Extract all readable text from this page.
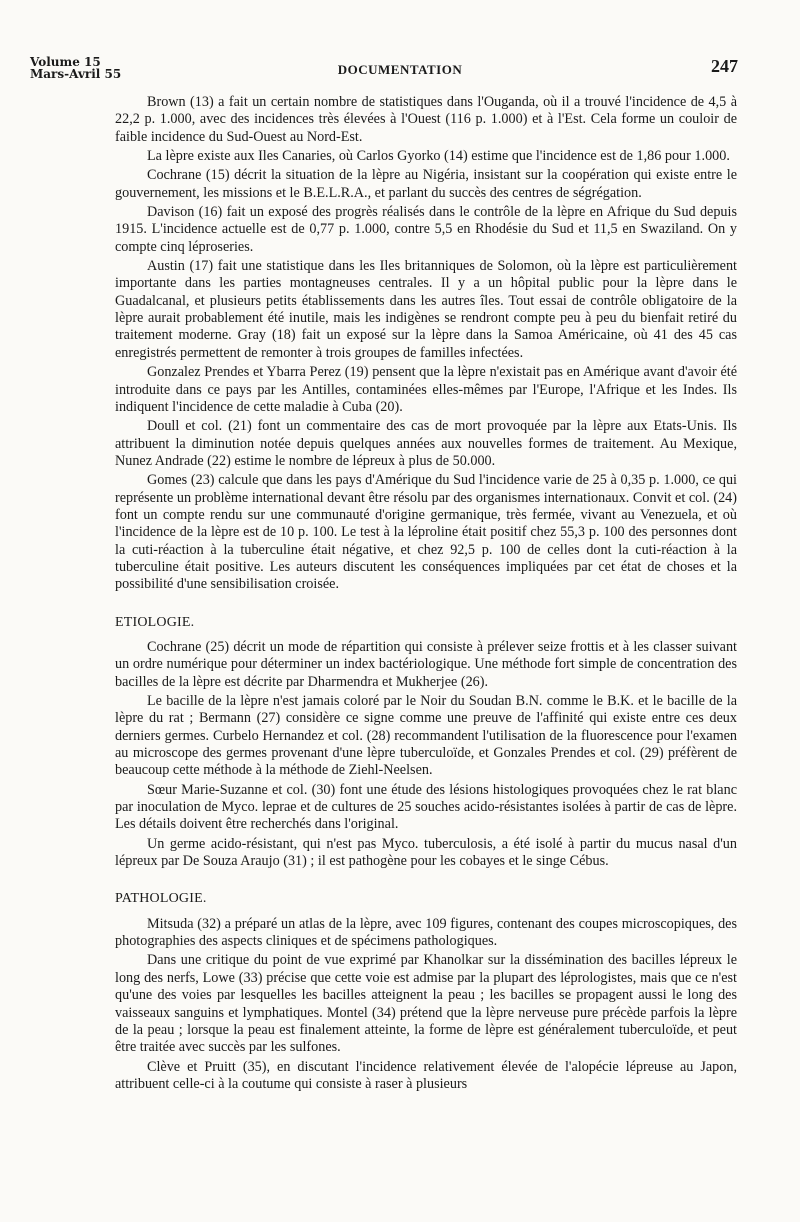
Volume 15
Mars-Avril 55	DOCUMENTATION	247

Brown (13) a fait un certain nombre de statistiques dans l'Ouganda, où il a trouvé l'incidence de 4,5 à 22,2 p. 1.000, avec des incidences très élevées à l'Ouest (116 p. 1.000) et à l'Est. Cela forme un couloir de faible incidence du Sud-Ouest au Nord-Est.

La lèpre existe aux Iles Canaries, où Carlos Gyorko (14) estime que l'incidence est de 1,86 pour 1.000.

Cochrane (15) décrit la situation de la lèpre au Nigéria, insistant sur la coopération qui existe entre le gouvernement, les missions et le B.E.L.R.A., et parlant du succès des centres de ségrégation.

Davison (16) fait un exposé des progrès réalisés dans le contrôle de la lèpre en Afrique du Sud depuis 1915. L'incidence actuelle est de 0,77 p. 1.000, contre 5,5 en Rhodésie du Sud et 11,5 en Swaziland. On y compte cinq léproseries.

Austin (17) fait une statistique dans les Iles britanniques de Solomon, où la lèpre est particulièrement importante dans les parties montagneuses centrales. Il y a un hôpital public pour la lèpre dans le Guadalcanal, et plusieurs petits établissements dans les autres îles. Tout essai de contrôle obligatoire de la lèpre aurait probablement été inutile, mais les indigènes se rendront compte peu à peu du bienfait retiré du traitement moderne. Gray (18) fait un exposé sur la lèpre dans la Samoa Américaine, où 41 des 45 cas enregistrés permettent de remonter à trois groupes de familles infectées.

Gonzalez Prendes et Ybarra Perez (19) pensent que la lèpre n'existait pas en Amérique avant d'avoir été introduite dans ce pays par les Antilles, contaminées elles-mêmes par l'Europe, l'Afrique et les Indes. Ils indiquent l'incidence de cette maladie à Cuba (20).

Doull et col. (21) font un commentaire des cas de mort provoquée par la lèpre aux Etats-Unis. Ils attribuent la diminution notée depuis quelques années aux nouvelles formes de traitement. Au Mexique, Nunez Andrade (22) estime le nombre de lépreux à plus de 50.000.

Gomes (23) calcule que dans les pays d'Amérique du Sud l'incidence varie de 25 à 0,35 p. 1.000, ce qui représente un problème international devant être résolu par des organismes internationaux. Convit et col. (24) font un compte rendu sur une communauté d'origine germanique, très fermée, vivant au Venezuela, et où l'incidence de la lèpre est de 10 p. 100. Le test à la léproline était positif chez 55,3 p. 100 des personnes dont la cuti-réaction à la tuberculine était négative, et chez 92,5 p. 100 de celles dont la cuti-réaction à la tuberculine était positive. Les auteurs discutent les conséquences impliquées par cet état de choses et la possibilité d'une sensibilisation croisée.

ETIOLOGIE.

Cochrane (25) décrit un mode de répartition qui consiste à prélever seize frottis et à les classer suivant un ordre numérique pour déterminer un index bactériologique. Une méthode fort simple de concentration des bacilles de la lèpre est décrite par Dharmendra et Mukherjee (26).

Le bacille de la lèpre n'est jamais coloré par le Noir du Soudan B.N. comme le B.K. et le bacille de la lèpre du rat ; Bermann (27) considère ce signe comme une preuve de l'affinité qui existe entre ces deux derniers germes. Curbelo Hernandez et col. (28) recommandent l'utilisation de la fluorescence pour l'examen au microscope des germes provenant d'une lèpre tuberculoïde, et Gonzales Prendes et col. (29) préfèrent de beaucoup cette méthode à la méthode de Ziehl-Neelsen.

Sœur Marie-Suzanne et col. (30) font une étude des lésions histologiques provoquées chez le rat blanc par inoculation de Myco. leprae et de cultures de 25 souches acido-résistantes isolées à partir de cas de lèpre. Les détails doivent être recherchés dans l'original.

Un germe acido-résistant, qui n'est pas Myco. tuberculosis, a été isolé à partir du mucus nasal d'un lépreux par De Souza Araujo (31) ; il est pathogène pour les cobayes et le singe Cébus.

PATHOLOGIE.

Mitsuda (32) a préparé un atlas de la lèpre, avec 109 figures, contenant des coupes microscopiques, des photographies des aspects cliniques et de spécimens pathologiques.

Dans une critique du point de vue exprimé par Khanolkar sur la dissémination des bacilles lépreux le long des nerfs, Lowe (33) précise que cette voie est admise par la plupart des léprologistes, mais que ce n'est qu'une des voies par lesquelles les bacilles atteignent la peau ; les bacilles se propagent aussi le long des vaisseaux sanguins et lymphatiques. Montel (34) prétend que la lèpre nerveuse pure précède parfois la lèpre de la peau ; lorsque la peau est finalement atteinte, la forme de lèpre est généralement tuberculoïde, et peut être traitée avec succès par les sulfones.

Clève et Pruitt (35), en discutant l'incidence relativement élevée de l'alopécie lépreuse au Japon, attribuent celle-ci à la coutume qui consiste à raser à plusieurs
